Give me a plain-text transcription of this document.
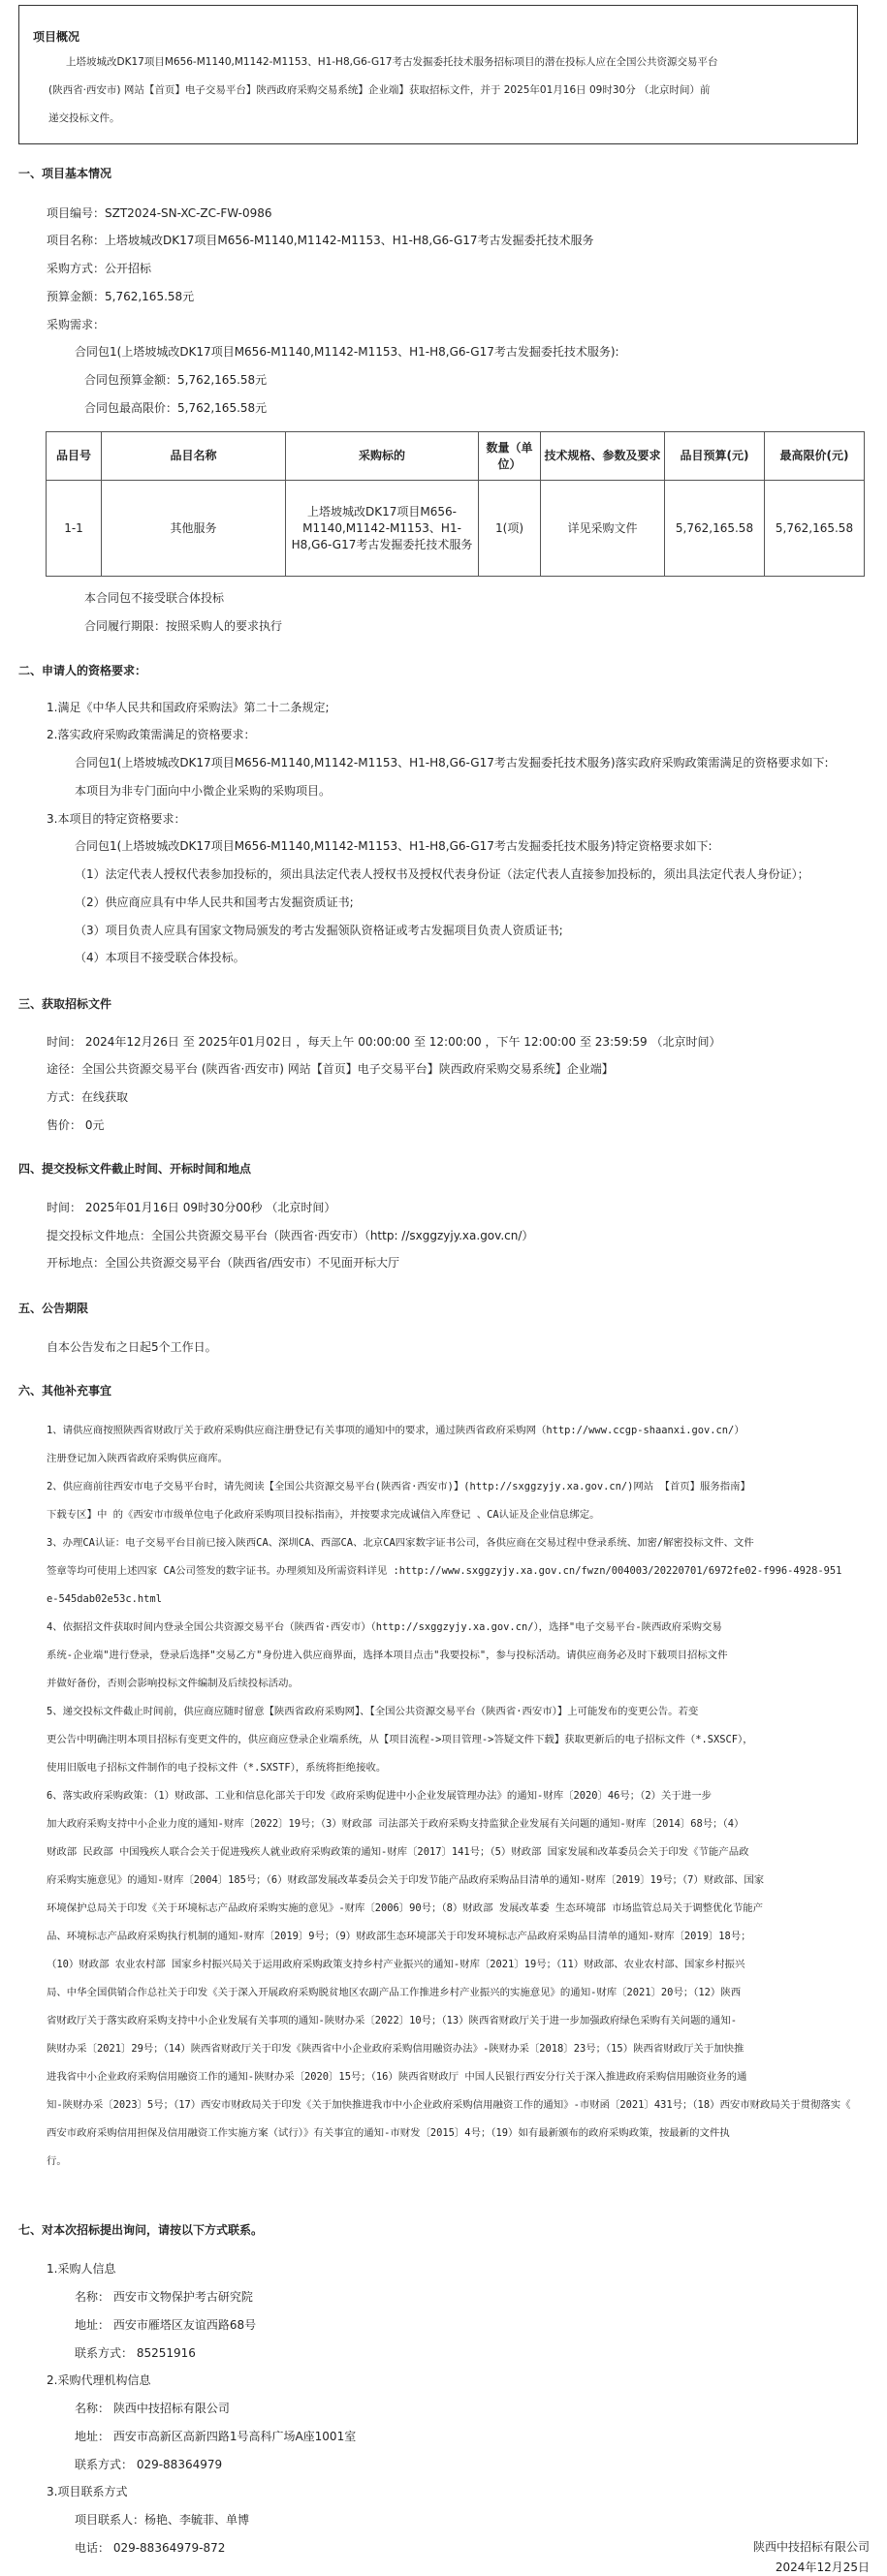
项目概况
上塔坡城改DK17项目M656-M1140,M1142-M1153、H1-H8,G6-G17考古发掘委托技术服务招标项目的潜在投标人应在全国公共资源交易平台
(陕西省·西安市) 网站【首页】电子交易平台】陕西政府采购交易系统】企业端】获取招标文件，并于 2025年01月16日 09时30分 （北京时间）前
递交投标文件。
一、项目基本情况
项目编号：SZT2024-SN-XC-ZC-FW-0986
项目名称：上塔坡城改DK17项目M656-M1140,M1142-M1153、H1-H8,G6-G17考古发掘委托技术服务
采购方式：公开招标
预算金额：5,762,165.58元
采购需求：
合同包1(上塔坡城改DK17项目M656-M1140,M1142-M1153、H1-H8,G6-G17考古发掘委托技术服务):
合同包预算金额：5,762,165.58元
合同包最高限价：5,762,165.58元
品目号	品目名称	采购标的	数量（单位）	技术规格、参数及要求	品目预算(元)	最高限价(元)
1-1	其他服务	上塔坡城改DK17项目M656-M1140,M1142-M1153、H1-H8,G6-G17考古发掘委托技术服务	1(项)	详见采购文件	5,762,165.58	5,762,165.58
本合同包不接受联合体投标
合同履行期限：按照采购人的要求执行
二、申请人的资格要求：
1.满足《中华人民共和国政府采购法》第二十二条规定;
2.落实政府采购政策需满足的资格要求：
合同包1(上塔坡城改DK17项目M656-M1140,M1142-M1153、H1-H8,G6-G17考古发掘委托技术服务)落实政府采购政策需满足的资格要求如下:
本项目为非专门面向中小微企业采购的采购项目。
3.本项目的特定资格要求：
合同包1(上塔坡城改DK17项目M656-M1140,M1142-M1153、H1-H8,G6-G17考古发掘委托技术服务)特定资格要求如下:
（1）法定代表人授权代表参加投标的，须出具法定代表人授权书及授权代表身份证（法定代表人直接参加投标的，须出具法定代表人身份证）；
（2）供应商应具有中华人民共和国考古发掘资质证书;
（3）项目负责人应具有国家文物局颁发的考古发掘领队资格证或考古发掘项目负责人资质证书;
（4）本项目不接受联合体投标。
三、获取招标文件
时间： 2024年12月26日 至 2025年01月02日 ，每天上午 00:00:00 至 12:00:00 ，下午 12:00:00 至 23:59:59 （北京时间）
途径：全国公共资源交易平台 (陕西省·西安市) 网站【首页】电子交易平台】陕西政府采购交易系统】企业端】
方式：在线获取
售价： 0元
四、提交投标文件截止时间、开标时间和地点
时间： 2025年01月16日 09时30分00秒 （北京时间）
提交投标文件地点：全国公共资源交易平台（陕西省·西安市）（http: //sxggzyjy.xa.gov.cn/）
开标地点：全国公共资源交易平台（陕西省/西安市）不见面开标大厅
五、公告期限
自本公告发布之日起5个工作日。
六、其他补充事宜
1、请供应商按照陕西省财政厅关于政府采购供应商注册登记有关事项的通知中的要求，通过陕西省政府采购网（http://www.ccgp-shaanxi.gov.cn/）
注册登记加入陕西省政府采购供应商库。
2、供应商前往西安市电子交易平台时，请先阅读【全国公共资源交易平台(陕西省·西安市)】(http://sxggzyjy.xa.gov.cn/)网站 【首页】服务指南】
下载专区】中 的《西安市市级单位电子化政府采购项目投标指南》，并按要求完成诚信入库登记 、CA认证及企业信息绑定。
3、办理CA认证：电子交易平台目前已接入陕西CA、深圳CA、西部CA、北京CA四家数字证书公司，各供应商在交易过程中登录系统、加密/解密投标文件、文件
签章等均可使用上述四家 CA公司签发的数字证书。办理须知及所需资料详见 :http://www.sxggzyjy.xa.gov.cn/fwzn/004003/20220701/6972fe02-f996-4928-951
e-545dab02e53c.html
4、依据招文件获取时间内登录全国公共资源交易平台（陕西省·西安市）（http://sxggzyjy.xa.gov.cn/），选择"电子交易平台-陕西政府采购交易
系统-企业端"进行登录，登录后选择"交易乙方"身份进入供应商界面，选择本项目点击"我要投标"，参与投标活动。请供应商务必及时下载项目招标文件
并做好备份，否则会影响投标文件编制及后续投标活动。
5、递交投标文件截止时间前，供应商应随时留意【陕西省政府采购网】、【全国公共资源交易平台（陕西省·西安市）】上可能发布的变更公告。若变
更公告中明确注明本项目招标有变更文件的，供应商应登录企业端系统，从【项目流程->项目管理->答疑文件下载】获取更新后的电子招标文件（*.SXSCF），
使用旧版电子招标文件制作的电子投标文件（*.SXSTF），系统将拒绝接收。
6、落实政府采购政策：（1）财政部、工业和信息化部关于印发《政府采购促进中小企业发展管理办法》的通知-财库〔2020〕46号；（2）关于进一步
加大政府采购支持中小企业力度的通知-财库〔2022〕19号；（3）财政部 司法部关于政府采购支持监狱企业发展有关问题的通知-财库〔2014〕68号；（4）
财政部 民政部 中国残疾人联合会关于促进残疾人就业政府采购政策的通知-财库〔2017〕141号；（5）财政部 国家发展和改革委员会关于印发《节能产品政
府采购实施意见》的通知-财库〔2004〕185号；（6）财政部发展改革委员会关于印发节能产品政府采购品目清单的通知-财库〔2019〕19号；（7）财政部、国家
环境保护总局关于印发《关于环境标志产品政府采购实施的意见》-财库〔2006〕90号；（8）财政部 发展改革委 生态环境部 市场监管总局关于调整优化节能产
品、环境标志产品政府采购执行机制的通知-财库〔2019〕9号；（9）财政部生态环境部关于印发环境标志产品政府采购品目清单的通知-财库〔2019〕18号；
（10）财政部 农业农村部 国家乡村振兴局关于运用政府采购政策支持乡村产业振兴的通知-财库〔2021〕19号；（11）财政部、农业农村部、国家乡村振兴
局、中华全国供销合作总社关于印发《关于深入开展政府采购脱贫地区农副产品工作推进乡村产业振兴的实施意见》的通知-财库〔2021〕20号；（12）陕西
省财政厅关于落实政府采购支持中小企业发展有关事项的通知-陕财办采〔2022〕10号；（13）陕西省财政厅关于进一步加强政府绿色采购有关问题的通知-
陕财办采〔2021〕29号；（14）陕西省财政厅关于印发《陕西省中小企业政府采购信用融资办法》-陕财办采〔2018〕23号；（15）陕西省财政厅关于加快推
进我省中小企业政府采购信用融资工作的通知-陕财办采〔2020〕15号；（16）陕西省财政厅 中国人民银行西安分行关于深入推进政府采购信用融资业务的通
知-陕财办采〔2023〕5号；（17）西安市财政局关于印发《关于加快推进我市中小企业政府采购信用融资工作的通知》-市财函〔2021〕431号；（18）西安市财政局关于贯彻落实《
西安市政府采购信用担保及信用融资工作实施方案（试行）》有关事宜的通知-市财发〔2015〕4号；（19）如有最新颁布的政府采购政策，按最新的文件执
行。
七、对本次招标提出询问，请按以下方式联系。
1.采购人信息
名称： 西安市文物保护考古研究院
地址： 西安市雁塔区友谊西路68号
联系方式： 85251916
2.采购代理机构信息
名称： 陕西中技招标有限公司
地址： 西安市高新区高新四路1号高科广场A座1001室
联系方式： 029-88364979
3.项目联系方式
项目联系人：杨艳、李毓菲、单博
电话： 029-88364979-872	陕西中技招标有限公司
2024年12月25日
